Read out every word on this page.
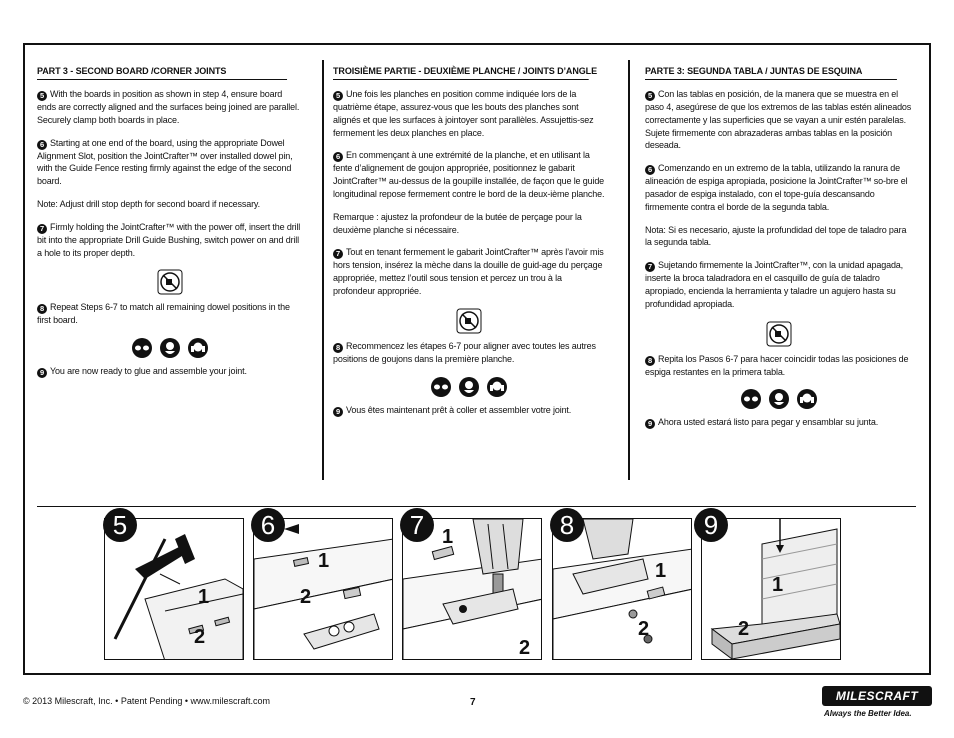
PART 3 - SECOND BOARD /CORNER JOINTS

5 With the boards in position as shown in step 4, ensure board ends are correctly aligned and the surfaces being joined are parallel. Securely clamp both boards in place.

6 Starting at one end of the board, using the appropriate Dowel Alignment Slot, position the JointCrafter™ over installed dowel pin, with the Guide Fence resting firmly against the edge of the second board.

Note: Adjust drill stop depth for second board if necessary.

7 Firmly holding the JointCrafter™ with the power off, insert the drill bit into the appropriate Drill Guide Bushing, switch power on and drill a hole to its proper depth.

8 Repeat Steps 6-7 to match all remaining dowel positions in the first board.

9 You are now ready to glue and assemble your joint.

TROISIÈME PARTIE - DEUXIÈME PLANCHE / JOINTS D’ANGLE

5 Une fois les planches en position comme indiquée lors de la quatrième étape, assurez-vous que les bouts des planches sont alignés et que les surfaces à jointoyer sont parallèles. Assujettis-sez fermement les deux planches en place.

6 En commençant à une extrémité de la planche, et en utilisant la fente d’alignement de goujon appropriée, positionnez le gabarit JointCrafter™ au-dessus de la goupille installée, de façon que le guide longitudinal repose fermement contre le bord de la deux-ième planche.

Remarque : ajustez la profondeur de la butée de perçage pour la deuxième planche si nécessaire.

7 Tout en tenant fermement le gabarit JointCrafter™ après l’avoir mis hors tension, insérez la mèche dans la douille de guid-age du perçage appropriée, mettez l’outil sous tension et percez un trou à la profondeur appropriée.

8 Recommencez les étapes 6-7 pour aligner avec toutes les autres positions de goujons dans la première planche.

9 Vous êtes maintenant prêt à coller et assembler votre joint.

PARTE 3: SEGUNDA TABLA / JUNTAS DE ESQUINA

5 Con las tablas en posición, de la manera que se muestra en el paso 4, asegúrese de que los extremos de las tablas estén alineados correctamente y las superficies que se vayan a unir estén paralelas. Sujete firmemente con abrazaderas ambas tablas en la posición deseada.

6 Comenzando en un extremo de la tabla, utilizando la ranura de alineación de espiga apropiada, posicione la JointCrafter™ so-bre el pasador de espiga instalado, con el tope-guía descansando firmemente contra el borde de la segunda tabla.

Nota: Si es necesario, ajuste la profundidad del tope de taladro para la segunda tabla.

7 Sujetando firmemente la JointCrafter™, con la unidad apagada, inserte la broca taladradora en el casquillo de guía de taladro apropiado, encienda la herramienta y taladre un agujero hasta su profundidad apropiada.

8 Repita los Pasos 6-7 para hacer coincidir todas las posiciones de espiga restantes en la primera tabla.

9 Ahora usted estará listo para pegar y ensamblar su junta.

5
1
2
6
1
2
7 1
2
8
1
2
9
1
2
© 2013 Milescraft, Inc. • Patent Pending • www.milescraft.com	7	MILESCRAFT
Always the Better Idea.
